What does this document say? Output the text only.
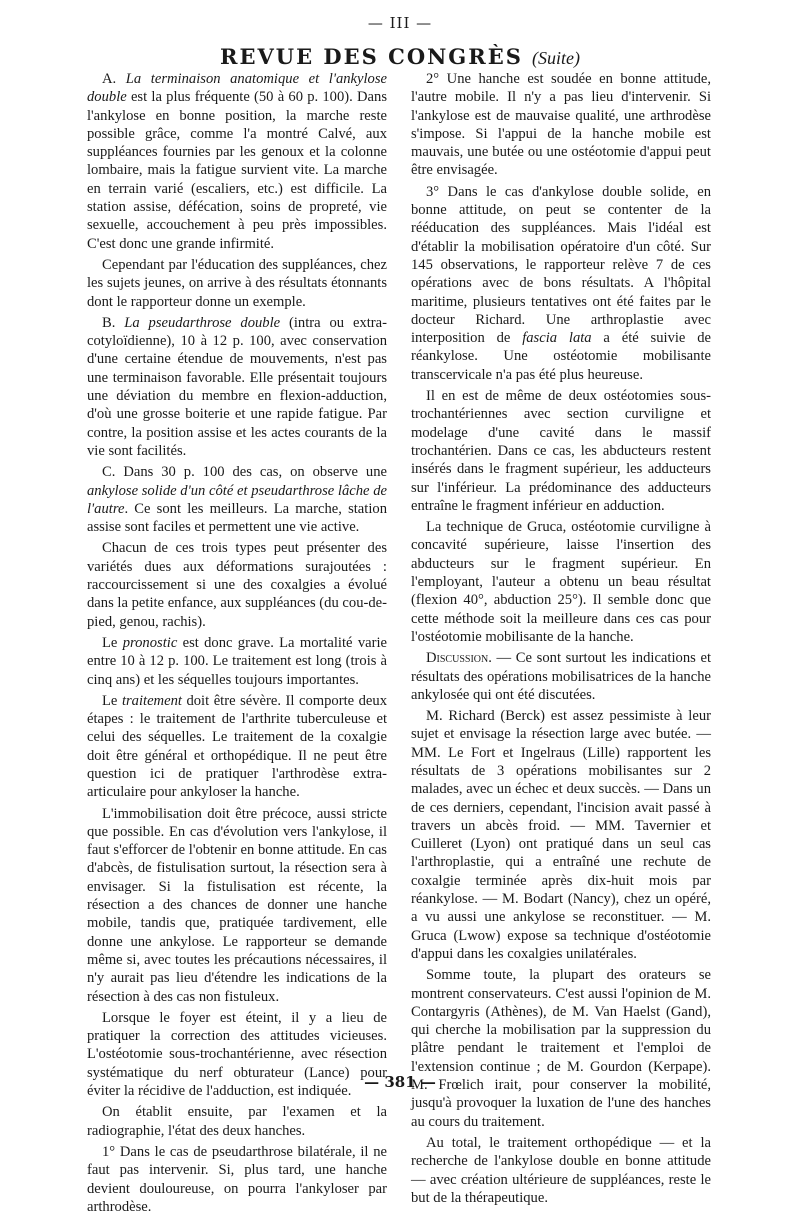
— III —
REVUE DES CONGRÈS (Suite)

A. La terminaison anatomique et l'ankylose double est la plus fréquente (50 à 60 p. 100). Dans l'ankylose en bonne position, la marche reste possible grâce, comme l'a montré Calvé, aux suppléances fournies par les genoux et la colonne lombaire, mais la fatigue survient vite. La marche en terrain varié (escaliers, etc.) est difficile. La station assise, défécation, soins de propreté, vie sexuelle, accouchement à peu près impossibles. C'est donc une grande infirmité.

Cependant par l'éducation des suppléances, chez les sujets jeunes, on arrive à des résultats étonnants dont le rapporteur donne un exemple.

B. La pseudarthrose double (intra ou extra-cotyloïdienne), 10 à 12 p. 100, avec conservation d'une certaine étendue de mouvements, n'est pas une terminaison favorable. Elle présentait toujours une déviation du membre en flexion-adduction, d'où une grosse boiterie et une rapide fatigue. Par contre, la position assise et les actes courants de la vie sont facilités.

C. Dans 30 p. 100 des cas, on observe une ankylose solide d'un côté et pseudarthrose lâche de l'autre. Ce sont les meilleurs. La marche, station assise sont faciles et permettent une vie active.

Chacun de ces trois types peut présenter des variétés dues aux déformations surajoutées : raccourcissement si une des coxalgies a évolué dans la petite enfance, aux suppléances (du cou-de-pied, genou, rachis).

Le pronostic est donc grave. La mortalité varie entre 10 à 12 p. 100. Le traitement est long (trois à cinq ans) et les séquelles toujours importantes.

Le traitement doit être sévère. Il comporte deux étapes : le traitement de l'arthrite tuberculeuse et celui des séquelles. Le traitement de la coxalgie doit être général et orthopédique. Il ne peut être question ici de pratiquer l'arthrodèse extra-articulaire pour ankyloser la hanche.

L'immobilisation doit être précoce, aussi stricte que possible. En cas d'évolution vers l'ankylose, il faut s'efforcer de l'obtenir en bonne attitude. En cas d'abcès, de fistulisation surtout, la résection sera à envisager. Si la fistulisation est récente, la résection a des chances de donner une hanche mobile, tandis que, pratiquée tardivement, elle donne une ankylose. Le rapporteur se demande même si, avec toutes les précautions nécessaires, il n'y aurait pas lieu d'étendre les indications de la résection à des cas non fistuleux.

Lorsque le foyer est éteint, il y a lieu de pratiquer la correction des attitudes vicieuses. L'ostéotomie sous-trochantérienne, avec résection systématique du nerf obturateur (Lance) pour éviter la récidive de l'adduction, est indiquée.

On établit ensuite, par l'examen et la radiographie, l'état des deux hanches.

1° Dans le cas de pseudarthrose bilatérale, il ne faut pas intervenir. Si, plus tard, une hanche devient douloureuse, on pourra l'ankyloser par arthrodèse.

2° Une hanche est soudée en bonne attitude, l'autre mobile. Il n'y a pas lieu d'intervenir. Si l'ankylose est de mauvaise qualité, une arthrodèse s'impose. Si l'appui de la hanche mobile est mauvais, une butée ou une ostéotomie d'appui peut être envisagée.

3° Dans le cas d'ankylose double solide, en bonne attitude, on peut se contenter de la rééducation des suppléances. Mais l'idéal est d'établir la mobilisation opératoire d'un côté. Sur 145 observations, le rapporteur relève 7 de ces opérations avec de bons résultats. A l'hôpital maritime, plusieurs tentatives ont été faites par le docteur Richard. Une arthroplastie avec interposition de fascia lata a été suivie de réankylose. Une ostéotomie mobilisante transcervicale n'a pas été plus heureuse.

Il en est de même de deux ostéotomies sous-trochantériennes avec section curviligne et modelage d'une cavité dans le massif trochantérien. Dans ce cas, les abducteurs restent insérés dans le fragment supérieur, les adducteurs sur l'inférieur. La prédominance des adducteurs entraîne le fragment inférieur en adduction.

La technique de Gruca, ostéotomie curviligne à concavité supérieure, laisse l'insertion des abducteurs sur le fragment supérieur. En l'employant, l'auteur a obtenu un beau résultat (flexion 40°, abduction 25°). Il semble donc que cette méthode soit la meilleure dans ces cas pour l'ostéotomie mobilisante de la hanche.

Discussion. — Ce sont surtout les indications et résultats des opérations mobilisatrices de la hanche ankylosée qui ont été discutées.

M. Richard (Berck) est assez pessimiste à leur sujet et envisage la résection large avec butée. — MM. Le Fort et Ingelraus (Lille) rapportent les résultats de 3 opérations mobilisantes sur 2 malades, avec un échec et deux succès. — Dans un de ces derniers, cependant, l'incision avait passé à travers un abcès froid. — MM. Tavernier et Cuilleret (Lyon) ont pratiqué dans un seul cas l'arthroplastie, qui a entraîné une rechute de coxalgie terminée après dix-huit mois par réankylose. — M. Bodart (Nancy), chez un opéré, a vu aussi une ankylose se reconstituer. — M. Gruca (Lwow) expose sa technique d'ostéotomie d'appui dans les coxalgies unilatérales.

Somme toute, la plupart des orateurs se montrent conservateurs. C'est aussi l'opinion de M. Contargyris (Athènes), de M. Van Haelst (Gand), qui cherche la mobilisation par la suppression du plâtre pendant le traitement et l'emploi de l'extension continue ; de M. Gourdon (Kerpape). M. Frœlich irait, pour conserver la mobilité, jusqu'à provoquer la luxation de l'une des hanches au cours du traitement.

Au total, le traitement orthopédique — et la recherche de l'ankylose double en bonne attitude — avec création ultérieure de suppléances, reste le but de la thérapeutique.

— 381 —
